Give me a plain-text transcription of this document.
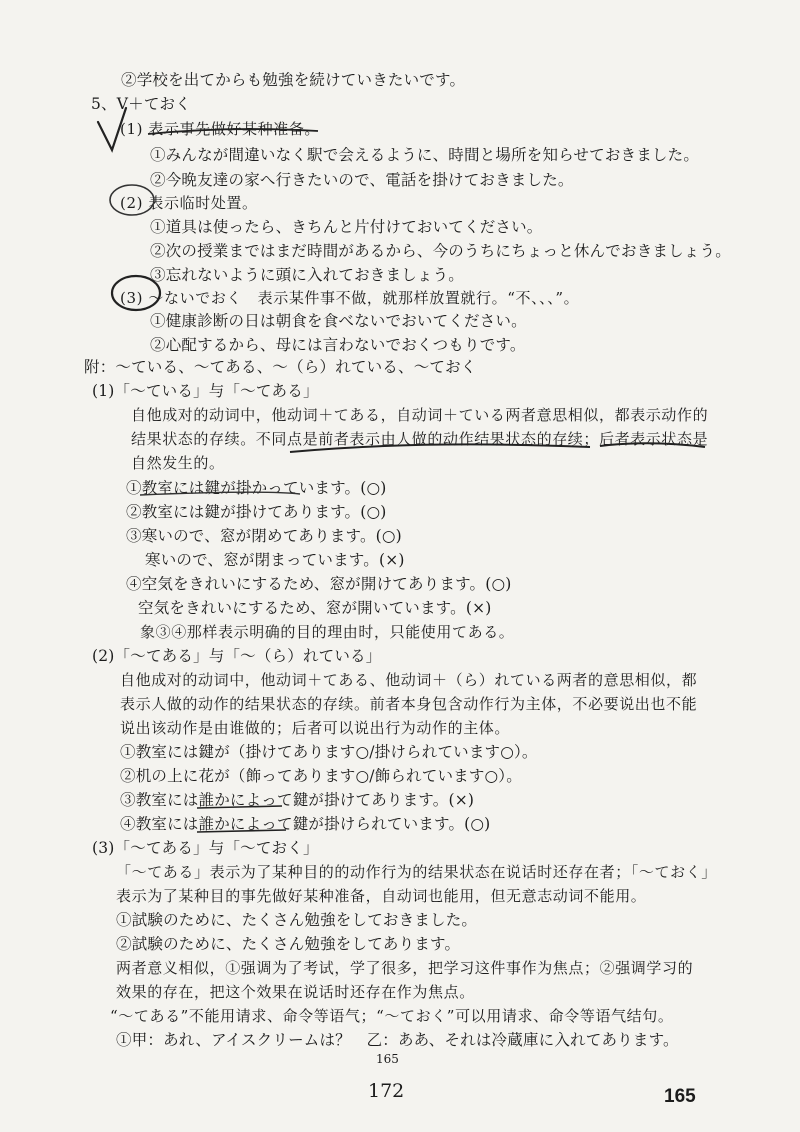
②学校を出てからも勉強を続けていきたいです。
5、V＋ておく
(1) 表示事先做好某种准备。
①みんなが間違いなく駅で会えるように、時間と場所を知らせておきました。
②今晩友達の家へ行きたいので、電話を掛けておきました。
(2) 表示临时处置。
①道具は使ったら、きちんと片付けておいてください。
②次の授業まではまだ時間があるから、今のうちにちょっと休んでおきましょう。
③忘れないように頭に入れておきましょう。
(3) ～ないでおく　表示某件事不做，就那样放置就行。“不、、、”。
①健康診断の日は朝食を食べないでおいてください。
②心配するから、母には言わないでおくつもりです。
附：～ている、～てある、～（ら）れている、～ておく
(1)「～ている」与「～てある」
自他成对的动词中，他动词＋てある，自动词＋ている两者意思相似，都表示动作的
结果状态的存续。不同点是前者表示由人做的动作结果状态的存续；后者表示状态是
自然发生的。
①教室には鍵が掛かっています。(○)
②教室には鍵が掛けてあります。(○)
③寒いので、窓が閉めてあります。(○)
寒いので、窓が閉まっています。(×)
④空気をきれいにするため、窓が開けてあります。(○)
空気をきれいにするため、窓が開いています。(×)
象③④那样表示明确的目的理由时，只能使用てある。
(2)「～てある」与「～（ら）れている」
自他成对的动词中，他动词＋てある、他动词＋（ら）れている两者的意思相似，都
表示人做的动作的结果状态的存续。前者本身包含动作行为主体，不必要说出也不能
说出该动作是由谁做的；后者可以说出行为动作的主体。
①教室には鍵が（掛けてあります○/掛けられています○）。
②机の上に花が（飾ってあります○/飾られています○）。
③教室には誰かによって鍵が掛けてあります。(×)
④教室には誰かによって鍵が掛けられています。(○)
(3)「～てある」与「～ておく」
「～てある」表示为了某种目的的动作行为的结果状态在说话时还存在者；「～ておく」
表示为了某种目的事先做好某种准备，自动词也能用，但无意志动词不能用。
①試験のために、たくさん勉強をしておきました。
②試験のために、たくさん勉強をしてあります。
两者意义相似，①强调为了考试，学了很多，把学习这件事作为焦点；②强调学习的
效果的存在，把这个效果在说话时还存在作为焦点。
“～てある”不能用请求、命令等语气；“～ておく”可以用请求、命令等语气结句。
①甲：あれ、アイスクリームは？　乙：ああ、それは冷蔵庫に入れてあります。
165
172	165
